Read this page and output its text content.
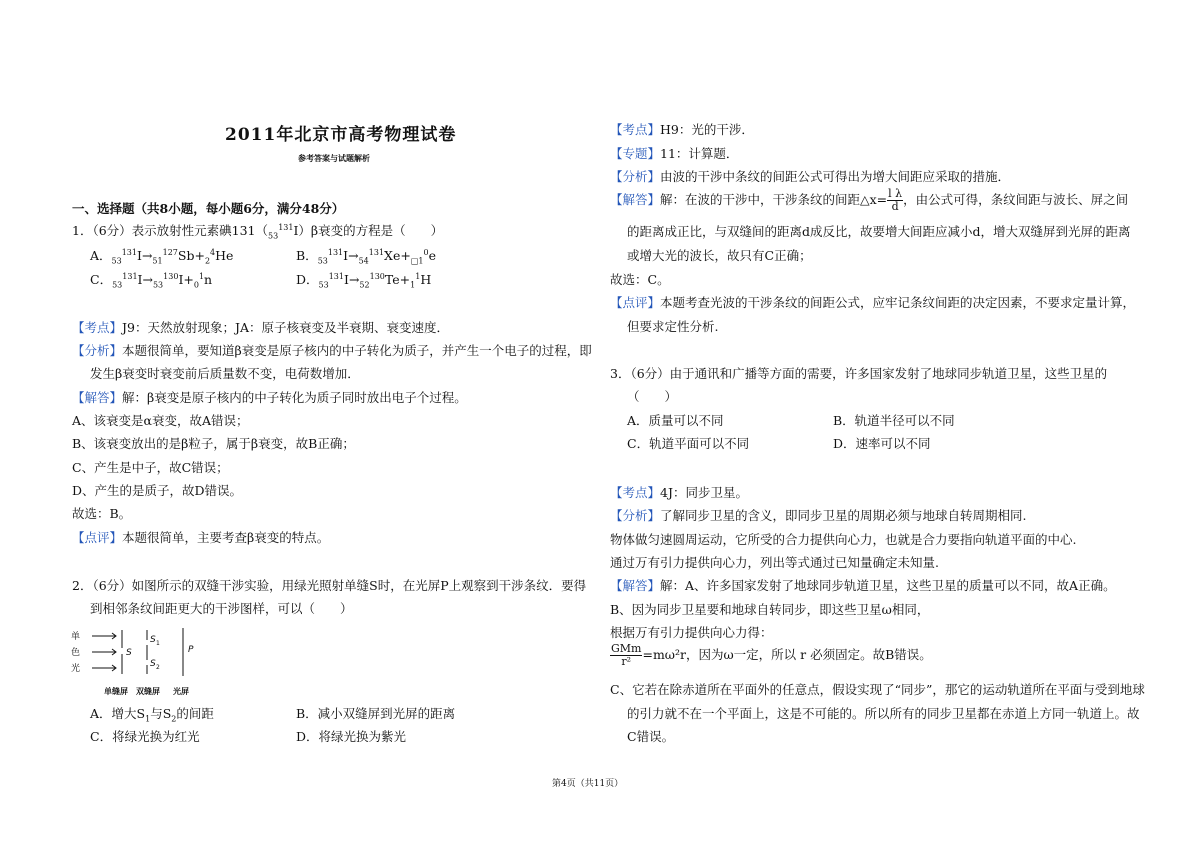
2011年北京市高考物理试卷
参考答案与试题解析
一、选择题（共8小题，每小题6分，满分48分）
1．（6分）表示放射性元素碘$131(_{53}^{131}I)\beta$衰变的方程是（　　）
A．$_{53}^{131}I\to_{51}^{127}Sb+_2^4He$	B．$_{53}^{131}I\to_{54}^{131}Xe+_{□1}^0e$
C．$_{53}^{131}I\to_{53}^{130}I+_0^1n$	D．$_{53}^{131}I\to_{52}^{130}Te+_1^1H$
【考点】J9：天然放射现象；JA：原子核衰变及半衰期、衰变速度．
【分析】本题很简单，要知道β衰变是原子核内的中子转化为质子，并产生一个电子的过程，即
发生β衰变时衰变前后质量数不变，电荷数增加．
【解答】解：β衰变是原子核内的中子转化为质子同时放出电子个过程。
A、该衰变是α衰变，故A错误；
B、该衰变放出的是β粒子，属于β衰变，故B正确；
C、产生是中子，故C错误；
D、产生的是质子，故D错误。
故选：B。
【点评】本题很简单，主要考查β衰变的特点。
2．（6分）如图所示的双缝干涉实验，用绿光照射单缝S时，在光屏P上观察到干涉条纹．要得
到相邻条纹间距更大的干涉图样，可以（　　）
单
色
光
S
S 1
S 2
P
单缝屏 双缝屏 光屏
A．增大$S_1$与$S_2$的间距	B．减小双缝屏到光屏的距离
C．将绿光换为红光	D．将绿光换为紫光
【考点】H9：光的干涉．
【专题】11：计算题．
【分析】由波的干涉中条纹的间距公式可得出为增大间距应采取的措施．
【解答】解：在波的干涉中，干涉条纹的间距△x= $\frac{\text{l λ}}{d}$，由公式可得，条纹间距与波长、屏之间
的距离成正比，与双缝间的距离d成反比，故要增大间距应减小d，增大双缝屏到光屏的距离
或增大光的波长，故只有C正确；
故选：C。
【点评】本题考查光波的干涉条纹的间距公式，应牢记条纹间距的决定因素，不要求定量计算，
但要求定性分析.
3．（6分）由于通讯和广播等方面的需要，许多国家发射了地球同步轨道卫星，这些卫星的
（　　）
A．质量可以不同	B．轨道半径可以不同
C．轨道平面可以不同	D．速率可以不同
【考点】4J：同步卫星。
【分析】了解同步卫星的含义，即同步卫星的周期必须与地球自转周期相同.
物体做匀速圆周运动，它所受的合力提供向心力，也就是合力要指向轨道平面的中心.
通过万有引力提供向心力，列出等式通过已知量确定未知量.
【解答】解：A、许多国家发射了地球同步轨道卫星，这些卫星的质量可以不同，故A正确。
B、因为同步卫星要和地球自转同步，即这些卫星ω相同，
根据万有引力提供向心力得：
$\frac{\text{GMm}}{\text{r²}}=m\omega^2r$，因为ω一定，所以 r 必须固定。故B错误。
C、它若在除赤道所在平面外的任意点，假设实现了“同步”，那它的运动轨道所在平面与受到地球
的引力就不在一个平面上，这是不可能的。所以所有的同步卫星都在赤道上方同一轨道上。故
C错误。
第4页（共11页）
